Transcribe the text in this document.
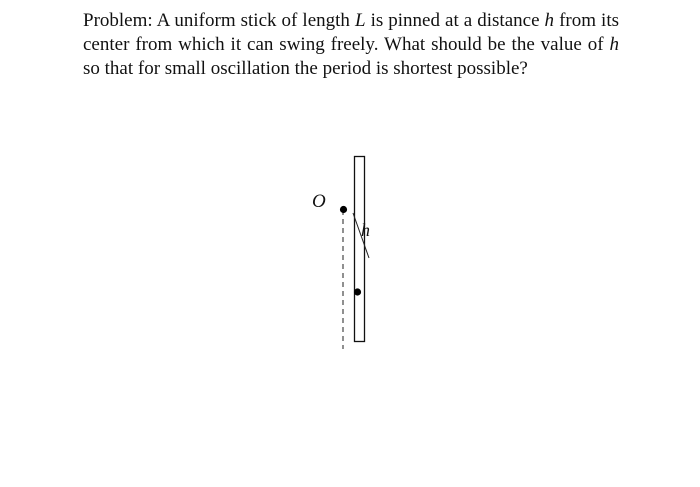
Problem: A uniform stick of length L is pinned at a distance h from its center from which it can swing freely. What should be the value of h so that for small oscillation the period is shortest possible?
O
h
